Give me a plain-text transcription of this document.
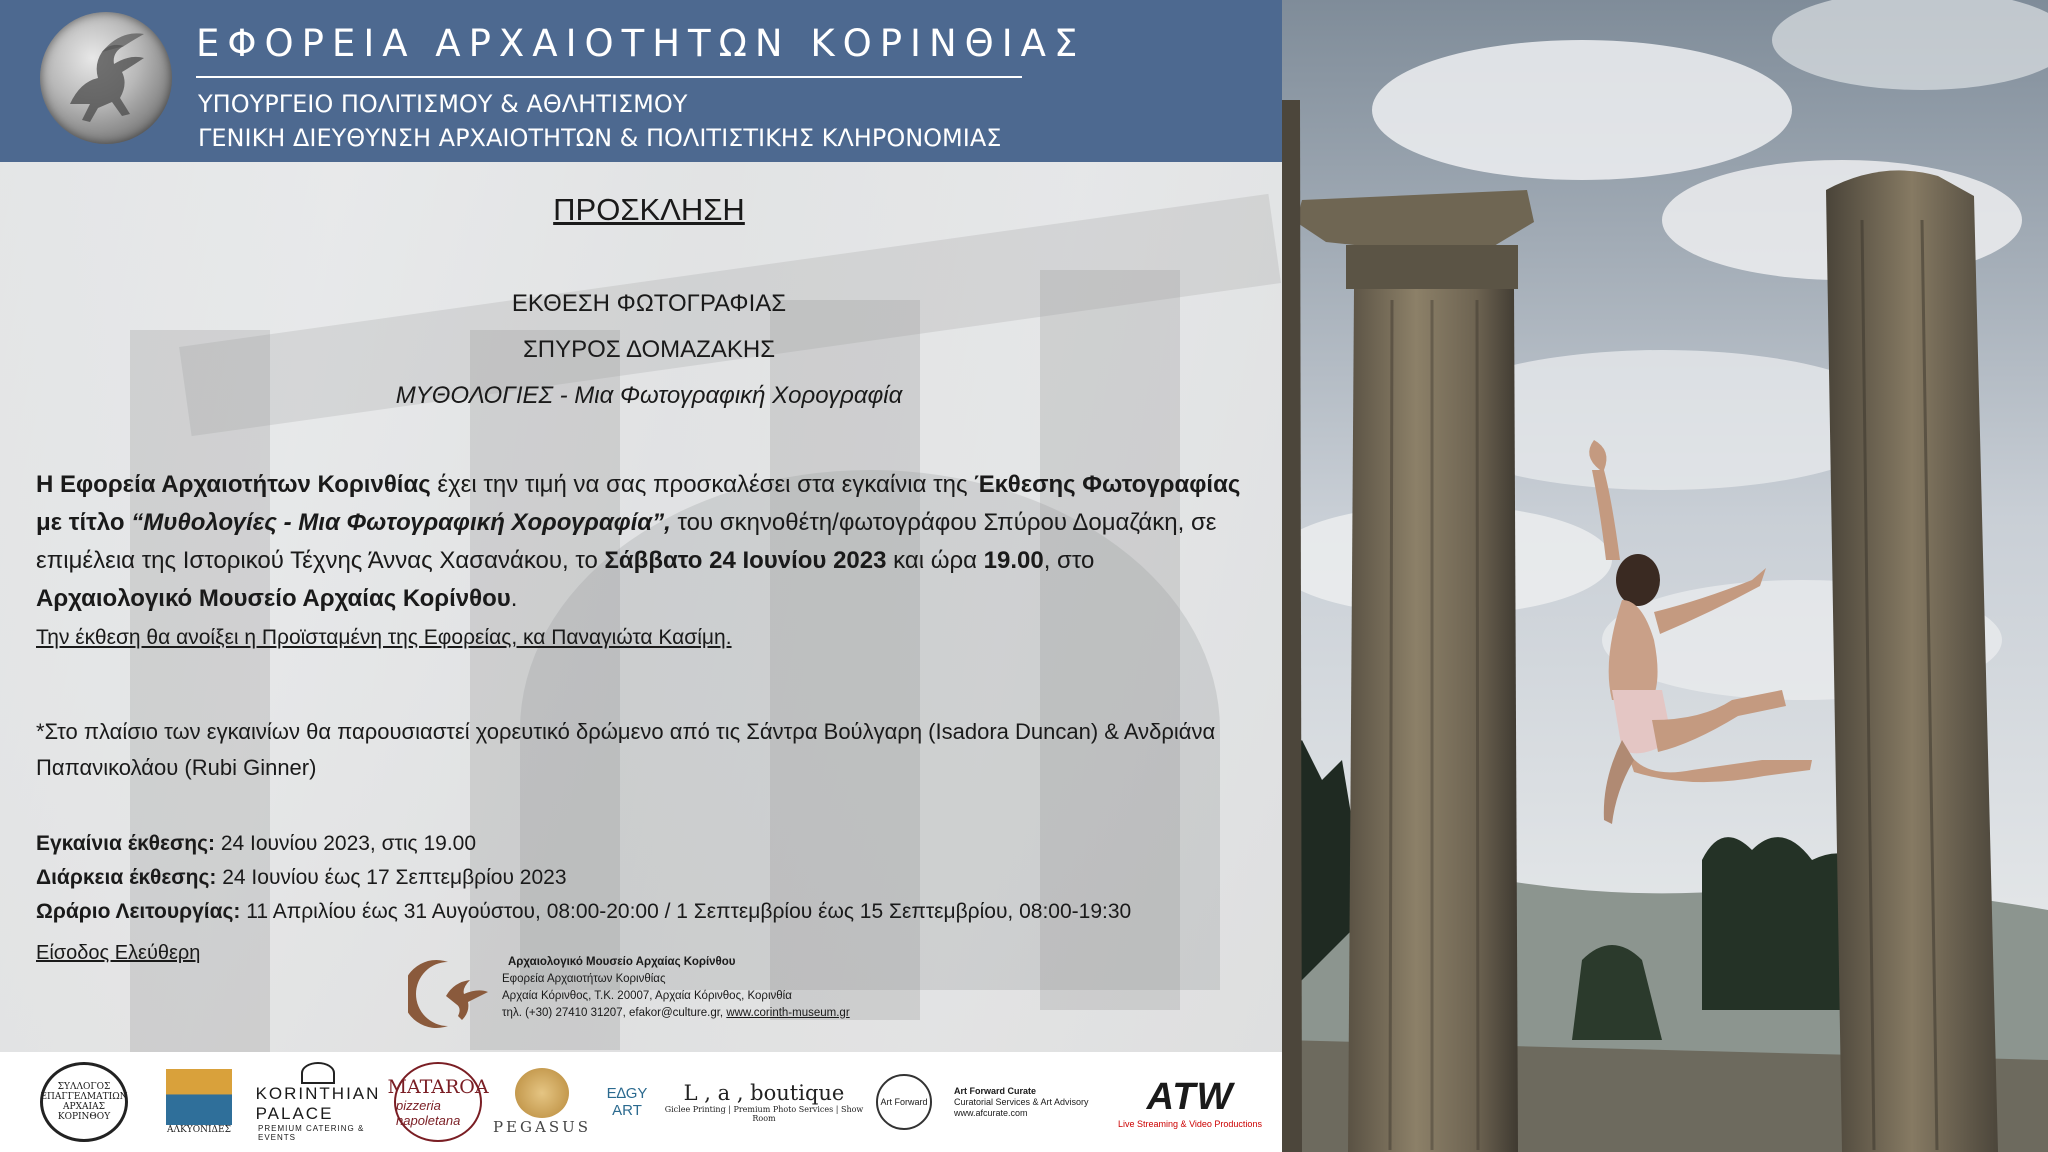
ΕΦΟΡΕΙΑ ΑΡΧΑΙΟΤΗΤΩΝ ΚΟΡΙΝΘΙΑΣ
ΥΠΟΥΡΓΕΙΟ ΠΟΛΙΤΙΣΜΟΥ & ΑΘΛΗΤΙΣΜΟΥ
ΓΕΝΙΚΗ ΔΙΕΥΘΥΝΣΗ ΑΡΧΑΙΟΤΗΤΩΝ & ΠΟΛΙΤΙΣΤΙΚΗΣ ΚΛΗΡΟΝΟΜΙΑΣ
ΠΡΟΣΚΛΗΣΗ
ΕΚΘΕΣΗ ΦΩΤΟΓΡΑΦΙΑΣ
ΣΠΥΡΟΣ ΔΟΜΑΖΑΚΗΣ
ΜΥΘΟΛΟΓΙΕΣ - Μια Φωτογραφική Χορογραφία
Η Εφορεία Αρχαιοτήτων Κορινθίας έχει την τιμή να σας προσκαλέσει στα εγκαίνια της Έκθεσης Φωτογραφίας με τίτλο “Μυθολογίες - Μια Φωτογραφική Χορογραφία”, του σκηνοθέτη/φωτογράφου Σπύρου Δομαζάκη, σε επιμέλεια της Ιστορικού Τέχνης Άννας Χασανάκου, το Σάββατο 24 Ιουνίου 2023 και ώρα 19.00, στο Αρχαιολογικό Μουσείο Αρχαίας Κορίνθου.
Την έκθεση θα ανοίξει η Προϊσταμένη της Εφορείας, κα Παναγιώτα Κασίμη.
*Στο πλαίσιο των εγκαινίων θα παρουσιαστεί χορευτικό δρώμενο από τις Σάντρα Βούλγαρη (Isadora Duncan) & Ανδριάνα Παπανικολάου (Rubi Ginner)
Εγκαίνια έκθεσης: 24 Ιουνίου 2023, στις 19.00
Διάρκεια έκθεσης: 24 Ιουνίου έως 17 Σεπτεμβρίου 2023
Ωράριο Λειτουργίας: 11 Απριλίου έως 31 Αυγούστου, 08:00-20:00 / 1 Σεπτεμβρίου έως 15 Σεπτεμβρίου, 08:00-19:30
Είσοδος Ελεύθερη	Αρχαιολογικό Μουσείο Αρχαίας Κορίνθου
Εφορεία Αρχαιοτήτων Κορινθίας
Αρχαία Κόρινθος, Τ.Κ. 20007, Αρχαία Κόρινθος, Κορινθία
τηλ. (+30) 27410 31207, efakor@culture.gr, www.corinth-museum.gr
ΣΥΛΛΟΓΟΣ ΕΠΑΓΓΕΛΜΑΤΙΩΝ ΑΡΧΑΙΑΣ ΚΟΡΙΝΘΟΥ
ΑΛΚΥΟΝΙΔΕΣ
KORINTHIAN PALACE
PREMIUM CATERING & EVENTS
MATAROA
pizzeria napoletana	PEGASUS
E∆GY
ART
L , a , boutique
Giclee Printing | Premium Photo Services | Show Room
Art Forward
Art Forward Curate
Curatorial Services & Art Advisory
www.afcurate.com	ATW
Live Streaming & Video Productions
